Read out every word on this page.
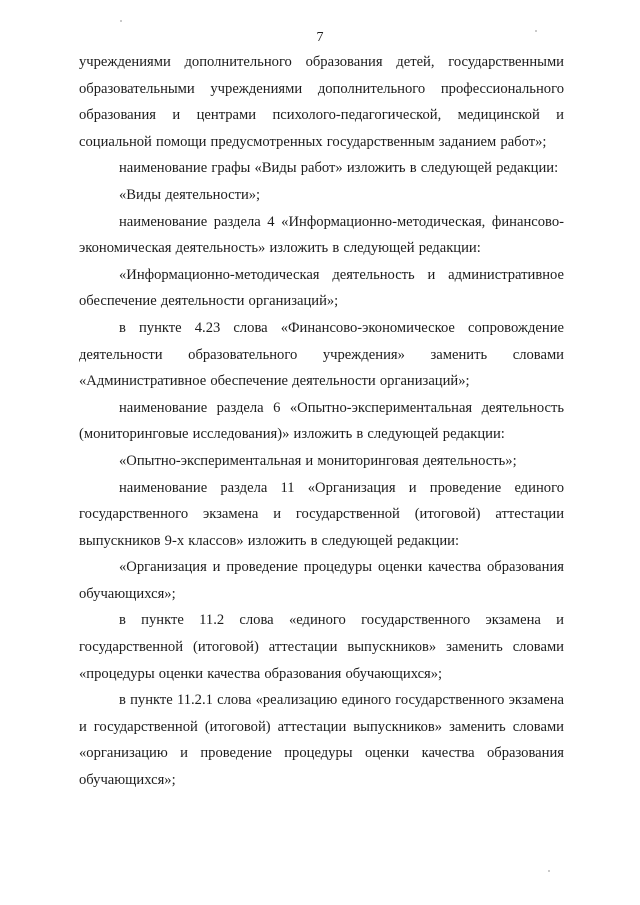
7

учреждениями дополнительного образования детей, государственными образовательными учреждениями дополнительного профессионального образования и центрами психолого-педагогической, медицинской и социальной помощи предусмотренных государственным заданием работ»;

наименование графы «Виды работ» изложить в следующей редакции:

«Виды деятельности»;

наименование раздела 4 «Информационно-методическая, финансово-экономическая деятельность» изложить в следующей редакции:

«Информационно-методическая деятельность и административное обеспечение деятельности организаций»;

в пункте 4.23 слова «Финансово-экономическое сопровождение деятельности образовательного учреждения» заменить словами «Административное обеспечение деятельности организаций»;

наименование раздела 6 «Опытно-экспериментальная деятельность (мониторинговые исследования)» изложить в следующей редакции:

«Опытно-экспериментальная и мониторинговая деятельность»;

наименование раздела 11 «Организация и проведение единого государственного экзамена и государственной (итоговой) аттестации выпускников 9-х классов» изложить в следующей редакции:

«Организация и проведение процедуры оценки качества образования обучающихся»;

в пункте 11.2 слова «единого государственного экзамена и государственной (итоговой) аттестации выпускников» заменить словами «процедуры оценки качества образования обучающихся»;

в пункте 11.2.1 слова «реализацию единого государственного экзамена и государственной (итоговой) аттестации выпускников» заменить словами «организацию и проведение процедуры оценки качества образования обучающихся»;
